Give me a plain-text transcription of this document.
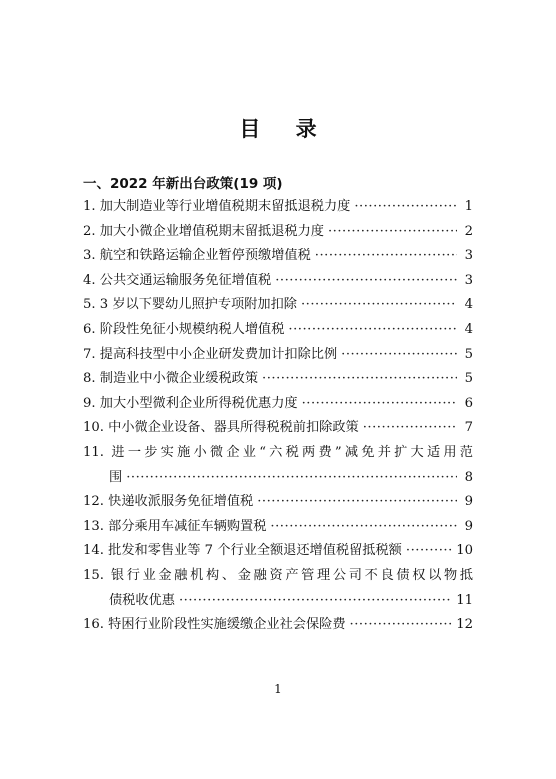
目 录
一、2022 年新出台政策(19 项)
1. 加大制造业等行业增值税期末留抵退税力度 ·····	1
2. 加大小微企业增值税期末留抵退税力度 ·····	2
3. 航空和铁路运输企业暂停预缴增值税 ·····	3
4. 公共交通运输服务免征增值税 ·····	3
5. 3 岁以下婴幼儿照护专项附加扣除 ·····	4
6. 阶段性免征小规模纳税人增值税 ·····	4
7. 提高科技型中小企业研发费加计扣除比例 ·····	5
8. 制造业中小微企业缓税政策 ·····	5
9. 加大小型微利企业所得税优惠力度 ·····	6
10. 中小微企业设备、器具所得税税前扣除政策 ·····	7
11. 进一步实施小微企业“六税两费”减免并扩大适用范
围 ·····	8
12. 快递收派服务免征增值税 ·····	9
13. 部分乘用车减征车辆购置税 ·····	9
14. 批发和零售业等 7 个行业全额退还增值税留抵税额 ·····	10
15. 银行业金融机构、金融资产管理公司不良债权以物抵
债税收优惠 ·····	11
16. 特困行业阶段性实施缓缴企业社会保险费 ·····	12
1
